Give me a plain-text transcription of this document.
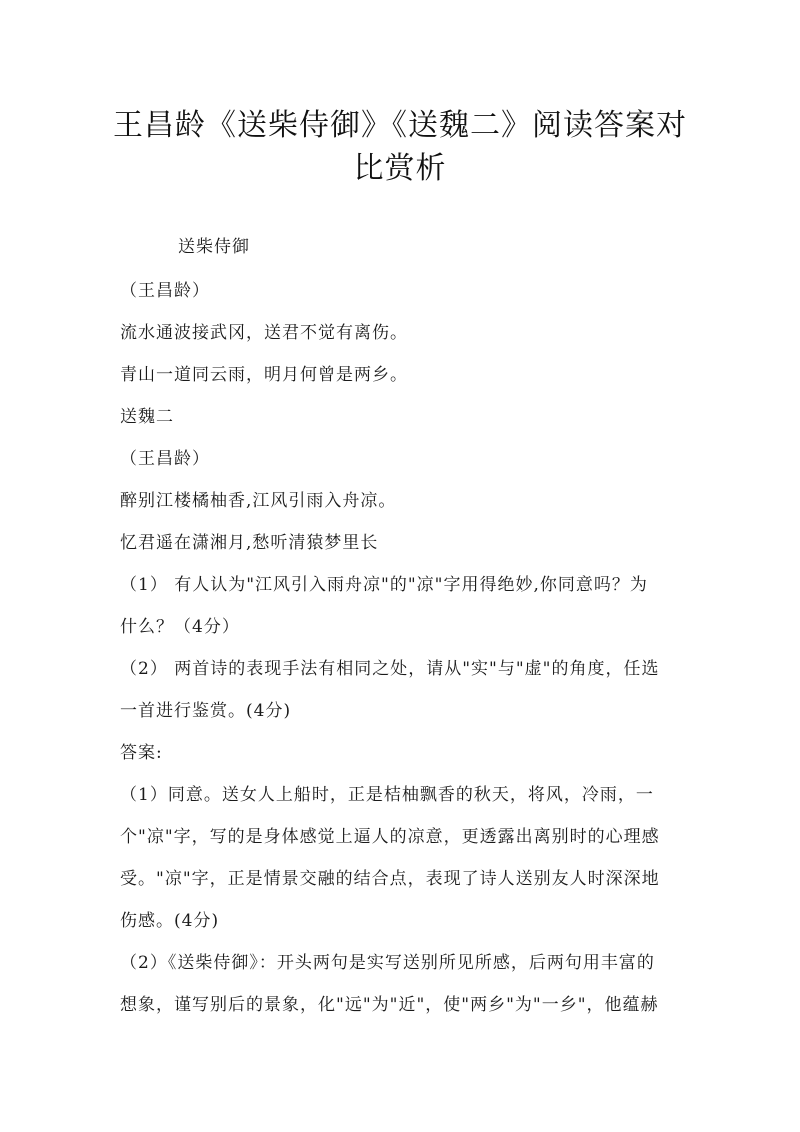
王昌龄《送柴侍御》《送魏二》阅读答案对
比赏析
送柴侍御
（王昌龄）
流水通波接武冈，送君不觉有离伤。
青山一道同云雨，明月何曾是两乡。
送魏二
（王昌龄）
醉别江楼橘柚香,江风引雨入舟凉。
忆君遥在潇湘月,愁听清猿梦里长
（1） 有人认为"江风引入雨舟凉"的"凉"字用得绝妙,你同意吗？为
什么？（4分）
（2） 两首诗的表现手法有相同之处，请从"实"与"虚"的角度，任选
一首进行鉴赏。(4分)
答案:
（1）同意。送女人上船时，正是桔柚飘香的秋天，将风，冷雨，一
个"凉"字，写的是身体感觉上逼人的凉意，更透露出离别时的心理感
受。"凉"字，正是情景交融的结合点，表现了诗人送别友人时深深地
伤感。(4分)
（2）《送柴侍御》：开头两句是实写送别所见所感，后两句用丰富的
想象，谨写别后的景象，化"远"为"近"，使"两乡"为"一乡"，他蕴赫
